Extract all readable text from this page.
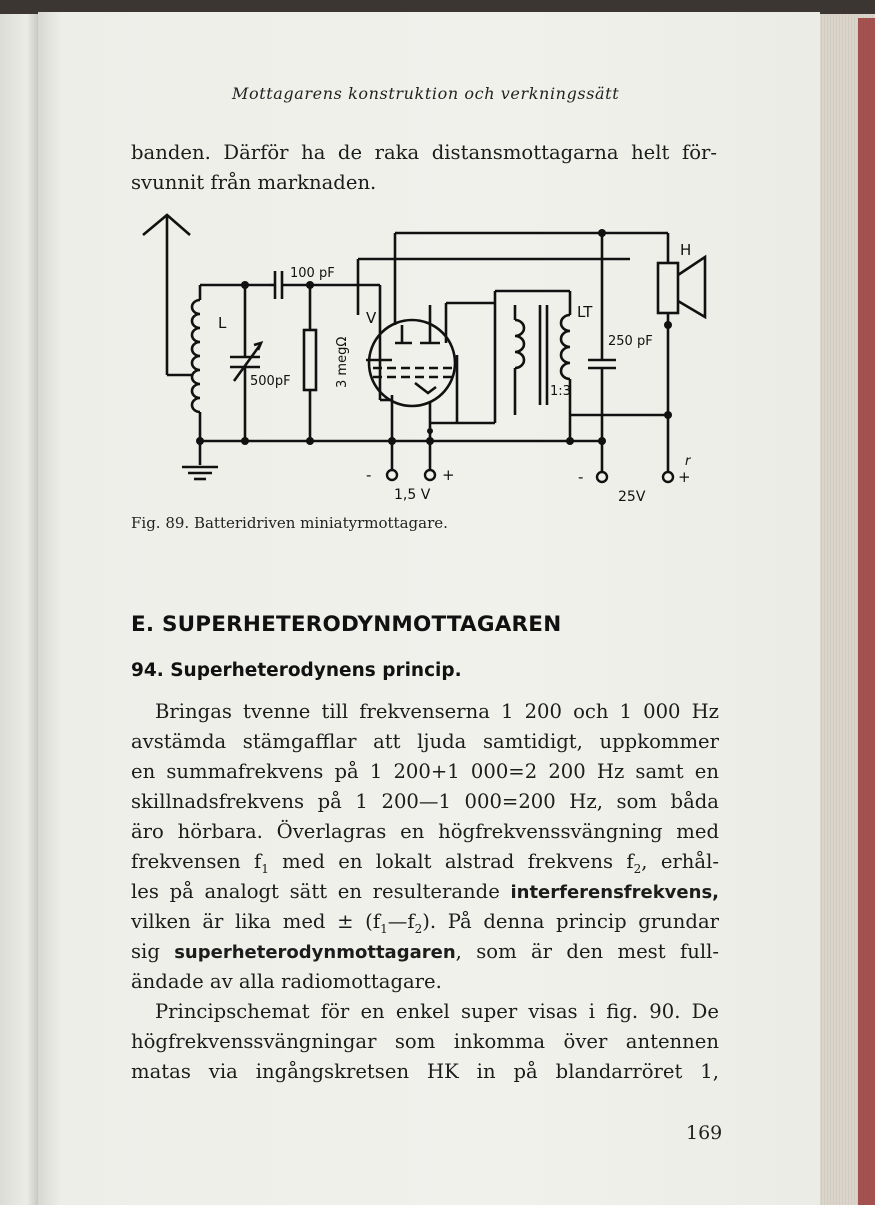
Mottagarens konstruktion och verkningssätt

banden. Därför ha de raka distansmottagarna helt för-

svunnit från marknaden.

100 pF
L
500pF	3 megΩ
V	LT
1:3
250 pF
H
-	+	-	+
r
1,5 V	25V
Fig. 89. Batteridriven miniatyrmottagare.
E. SUPERHETERODYNMOTTAGAREN
94. Superheterodynens princip.

Bringas tvenne till frekvenserna 1 200 och 1 000 Hz

avstämda stämgafflar att ljuda samtidigt, uppkommer

en summafrekvens på 1 200+1 000=2 200 Hz samt en

skillnadsfrekvens på 1 200—1 000=200 Hz, som båda

äro hörbara. Överlagras en högfrekvenssvängning med

frekvensen $f_1$ med en lokalt alstrad frekvens $f_2$, erhål-

les på analogt sätt en resulterande interferensfrekvens,

vilken är lika med ± $(f_1—f_2)$. På denna princip grundar

sig superheterodynmottagaren, som är den mest full-

ändade av alla radiomottagare.

Principschemat för en enkel super visas i fig. 90. De

högfrekvenssvängningar som inkomma över antennen

matas via ingångskretsen HK in på blandarröret 1,

169
